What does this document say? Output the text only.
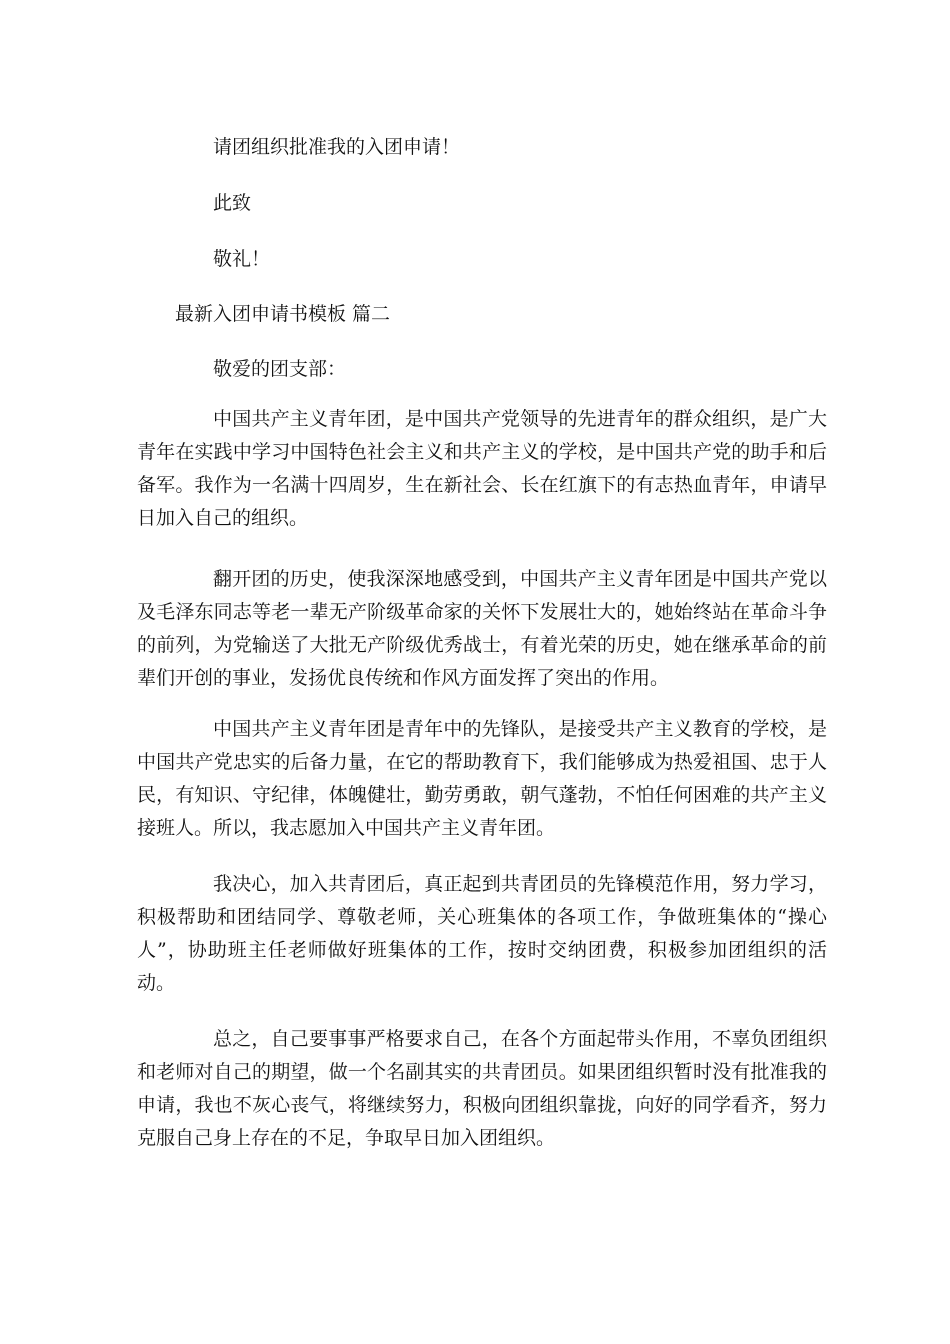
请团组织批准我的入团申请！
此致
敬礼！
最新入团申请书模板 篇二
敬爱的团支部：

中国共产主义青年团，是中国共产党领导的先进青年的群众组织，是广大青年在实践中学习中国特色社会主义和共产主义的学校，是中国共产党的助手和后备军。我作为一名满十四周岁，生在新社会、长在红旗下的有志热血青年，申请早日加入自己的组织。

翻开团的历史，使我深深地感受到，中国共产主义青年团是中国共产党以及毛泽东同志等老一辈无产阶级革命家的关怀下发展壮大的，她始终站在革命斗争的前列，为党输送了大批无产阶级优秀战士，有着光荣的历史，她在继承革命的前辈们开创的事业，发扬优良传统和作风方面发挥了突出的作用。

中国共产主义青年团是青年中的先锋队，是接受共产主义教育的学校，是中国共产党忠实的后备力量，在它的帮助教育下，我们能够成为热爱祖国、忠于人民，有知识、守纪律，体魄健壮，勤劳勇敢，朝气蓬勃，不怕任何困难的共产主义接班人。所以，我志愿加入中国共产主义青年团。

我决心，加入共青团后，真正起到共青团员的先锋模范作用，努力学习，积极帮助和团结同学、尊敬老师，关心班集体的各项工作，争做班集体的“操心人”，协助班主任老师做好班集体的工作，按时交纳团费，积极参加团组织的活动。

总之，自己要事事严格要求自己，在各个方面起带头作用，不辜负团组织和老师对自己的期望，做一个名副其实的共青团员。如果团组织暂时没有批准我的申请，我也不灰心丧气，将继续努力，积极向团组织靠拢，向好的同学看齐，努力克服自己身上存在的不足，争取早日加入团组织。
